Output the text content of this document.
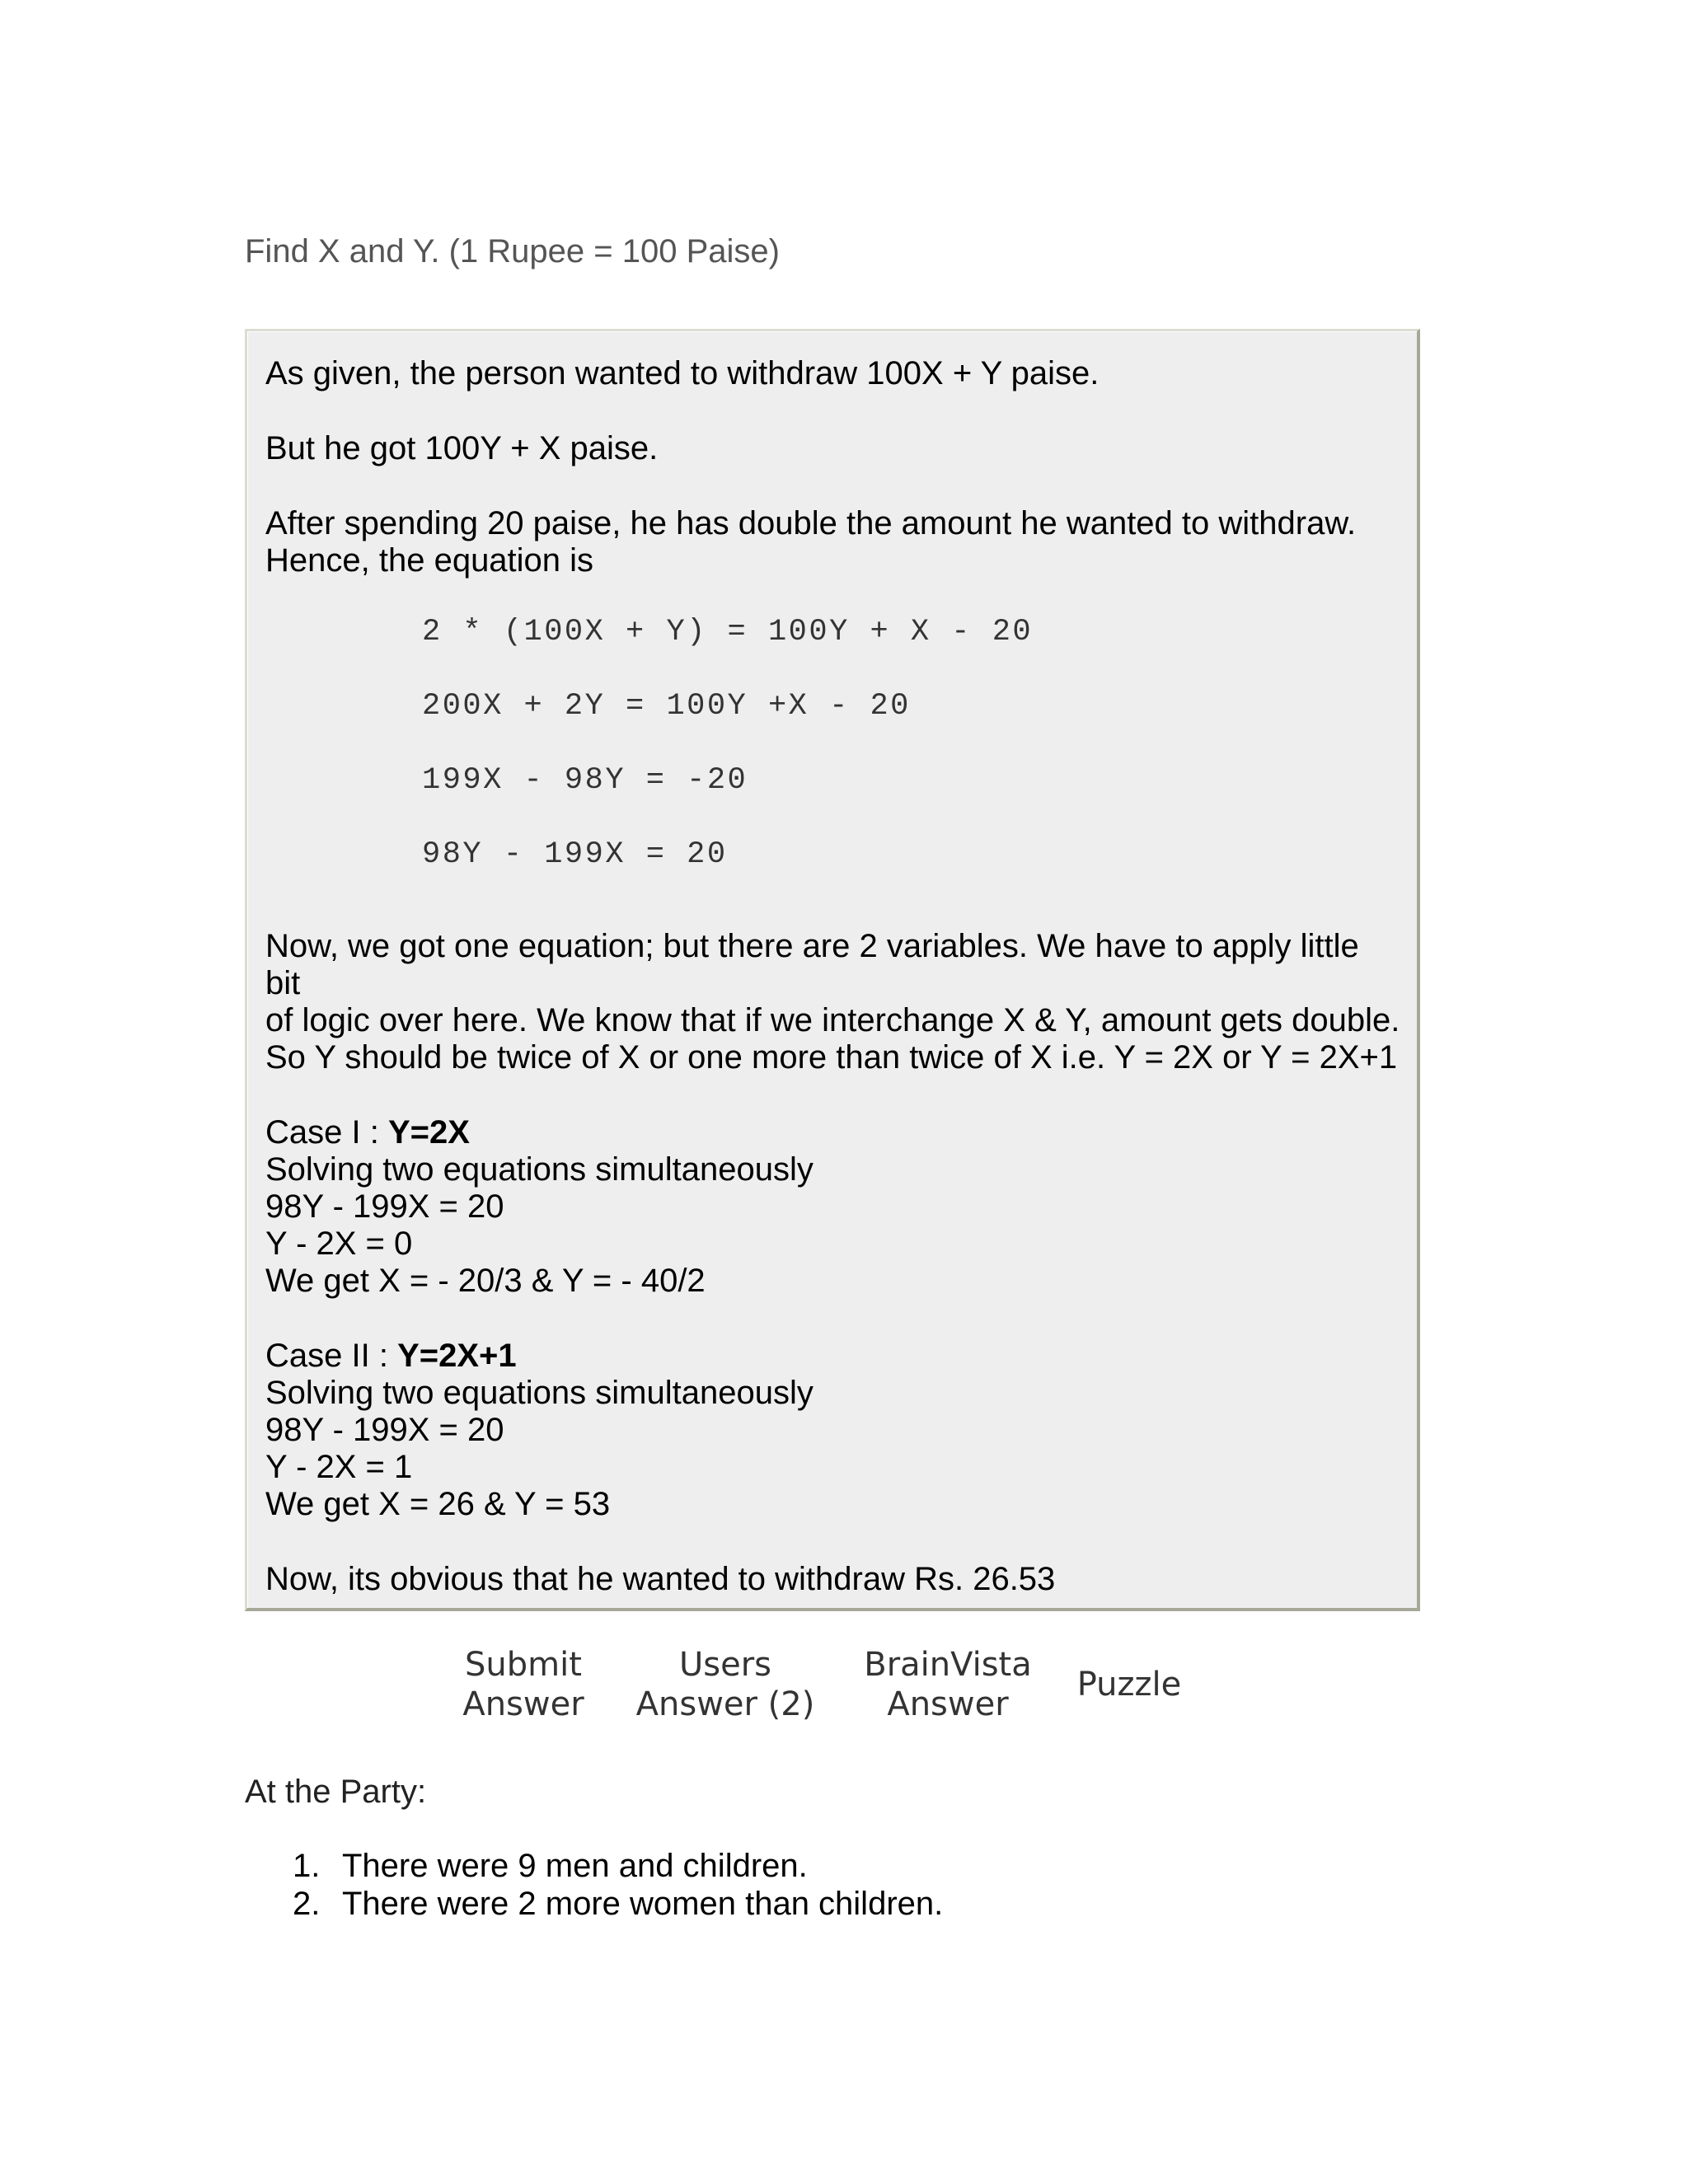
Find X and Y. (1 Rupee = 100 Paise)

As given, the person wanted to withdraw 100X + Y paise.

But he got 100Y + X paise.

After spending 20 paise, he has double the amount he wanted to withdraw.
Hence, the equation is

2 * (100X + Y) = 100Y + X - 20
200X + 2Y = 100Y +X - 20
199X - 98Y = -20
98Y - 199X = 20

Now, we got one equation; but there are 2 variables. We have to apply little bit
of logic over here. We know that if we interchange X & Y, amount gets double.
So Y should be twice of X or one more than twice of X i.e. Y = 2X or Y = 2X+1

Case I : Y=2X
Solving two equations simultaneously
98Y - 199X = 20
Y - 2X = 0
We get X = - 20/3 & Y = - 40/2
Case II : Y=2X+1
Solving two equations simultaneously
98Y - 199X = 20
Y - 2X = 1
We get X = 26 & Y = 53

Now, its obvious that he wanted to withdraw Rs. 26.53

Submit
Answer
Users
Answer (2)
BrainVista
Answer
Puzzle
At the Party:
1. There were 9 men and children.
2. There were 2 more women than children.
